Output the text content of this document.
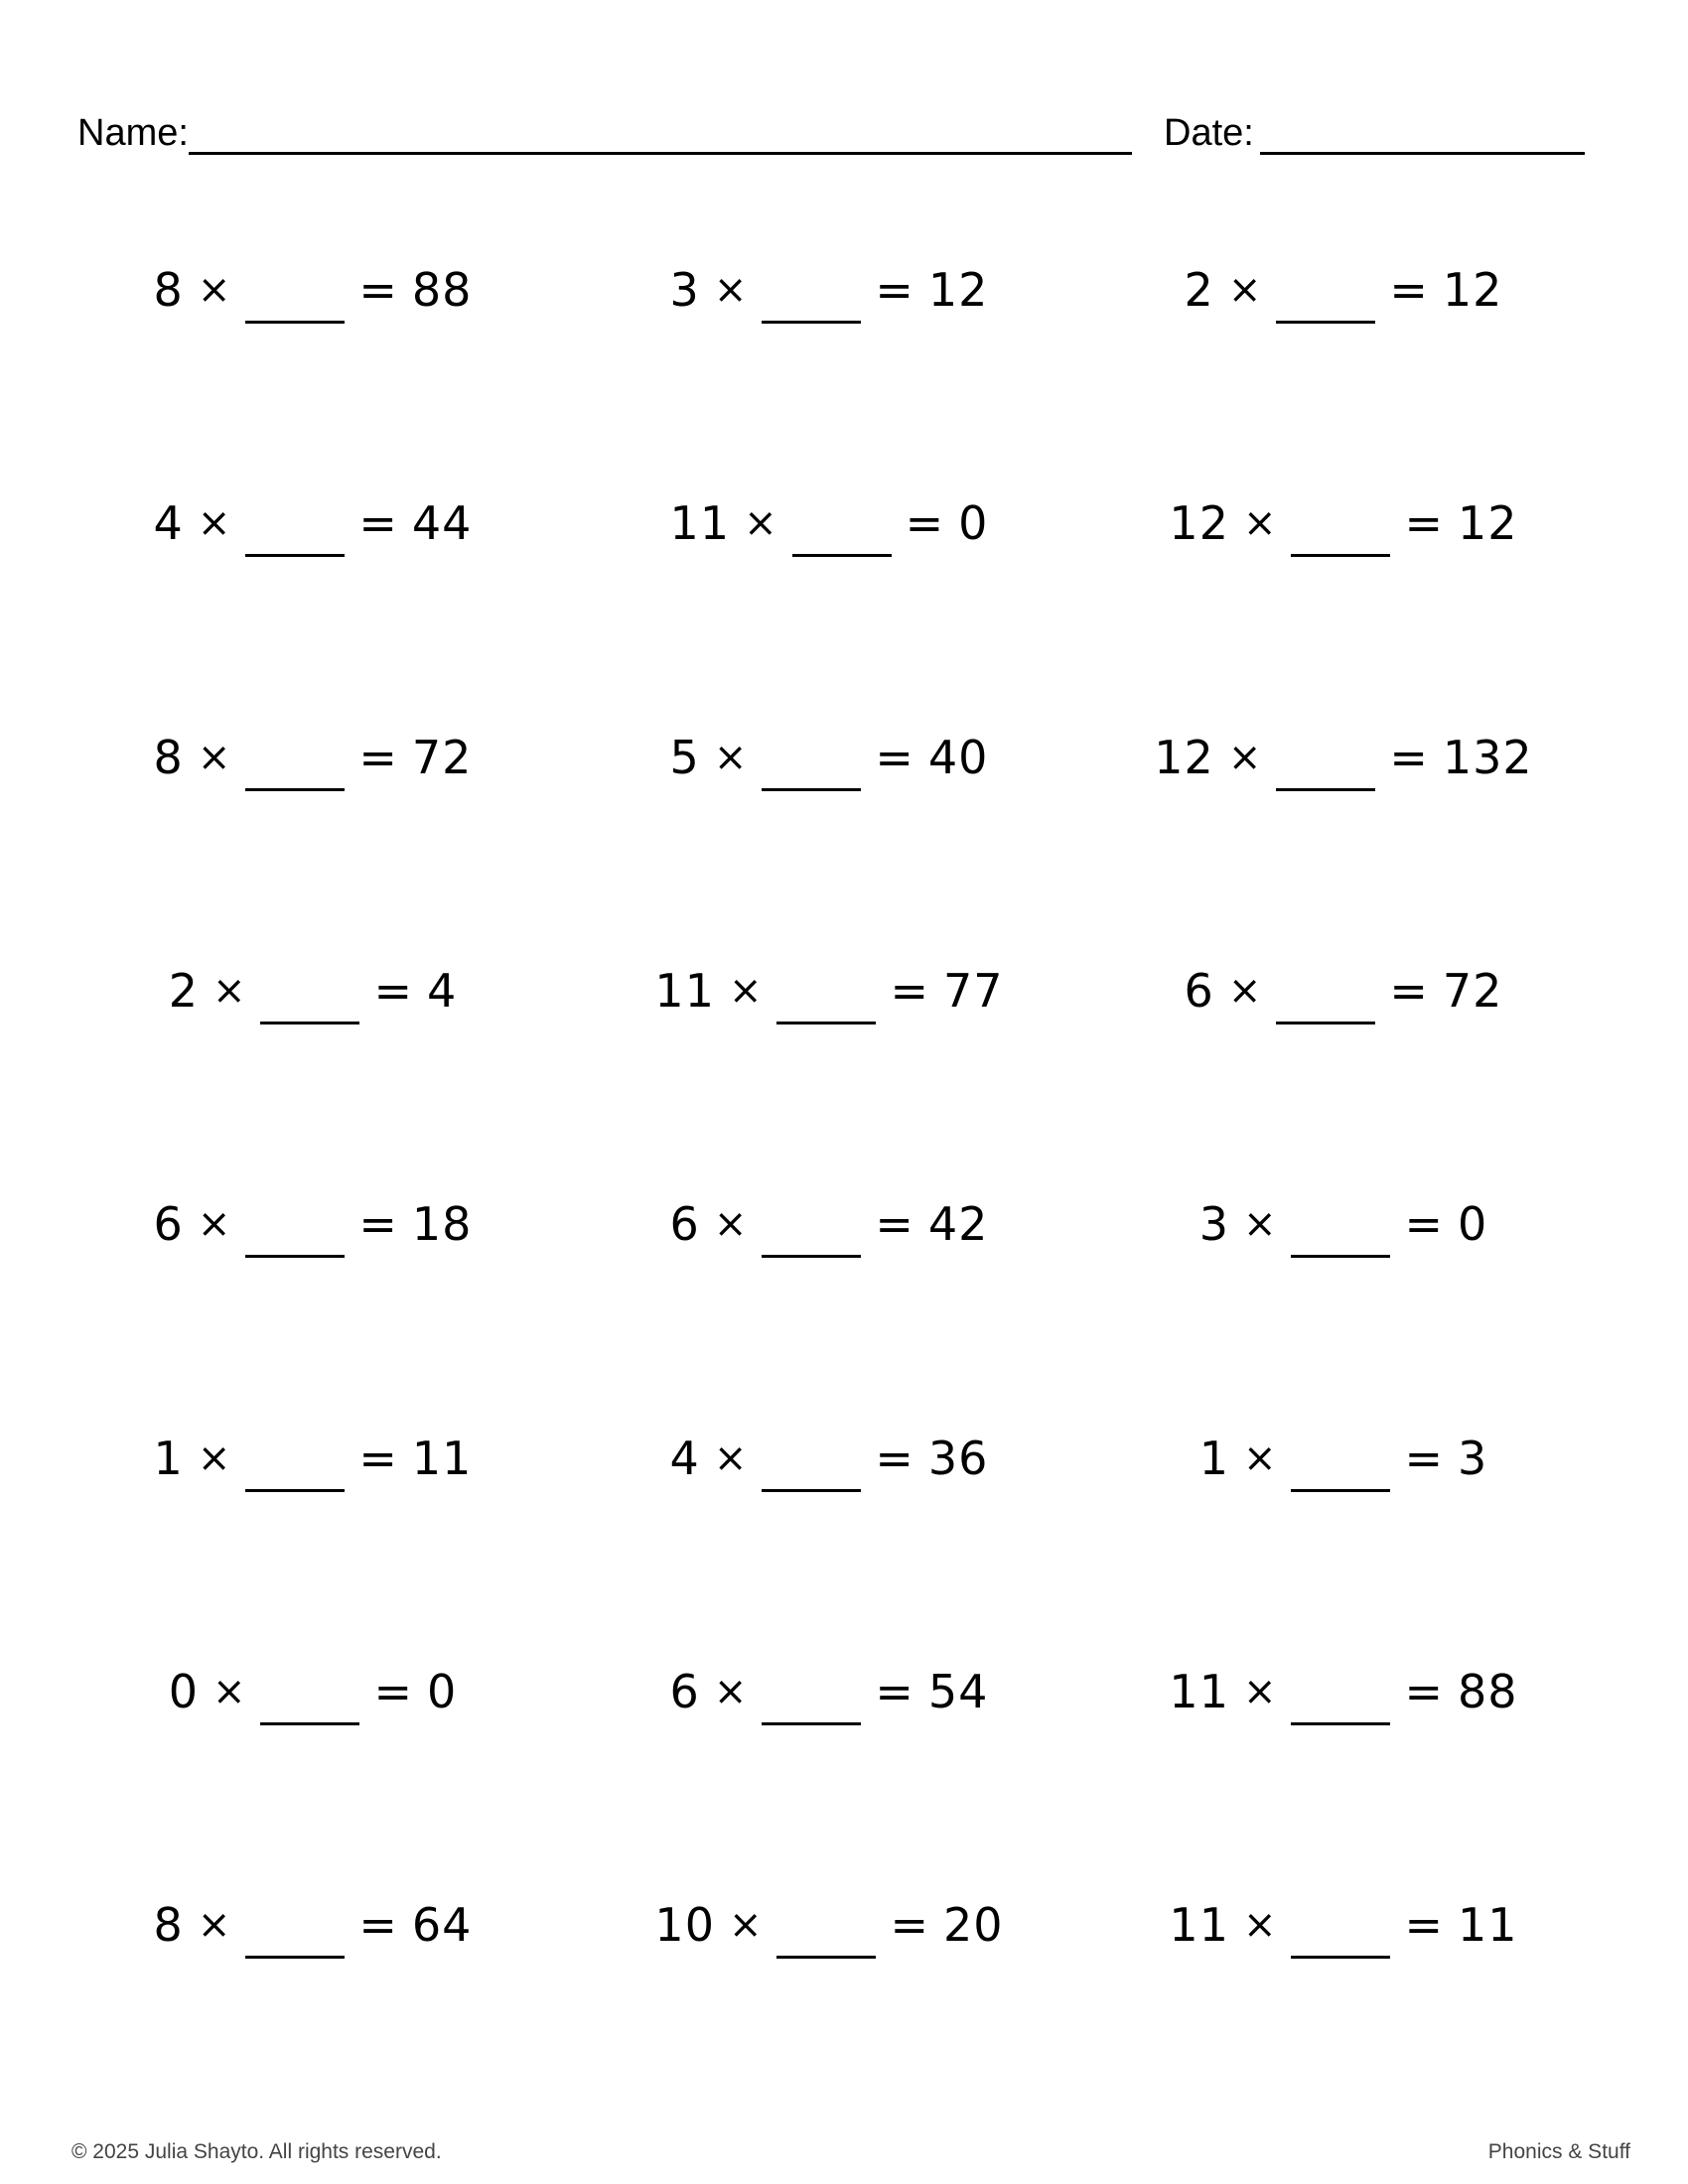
Name:	Date:
8 ×	= 88	3 ×	= 12	2 ×	= 12
4 ×	= 44	11 ×	= 0	12 ×	= 12
8 ×	= 72	5 ×	= 40	12 ×	= 132
2 ×	= 4	11 ×	= 77	6 ×	= 72
6 ×	= 18	6 ×	= 42	3 ×	= 0
1 ×	= 11	4 ×	= 36	1 ×	= 3
0 ×	= 0	6 ×	= 54	11 ×	= 88
8 ×	= 64	10 ×	= 20	11 ×	= 11
© 2025 Julia Shayto. All rights reserved.	Phonics & Stuff
